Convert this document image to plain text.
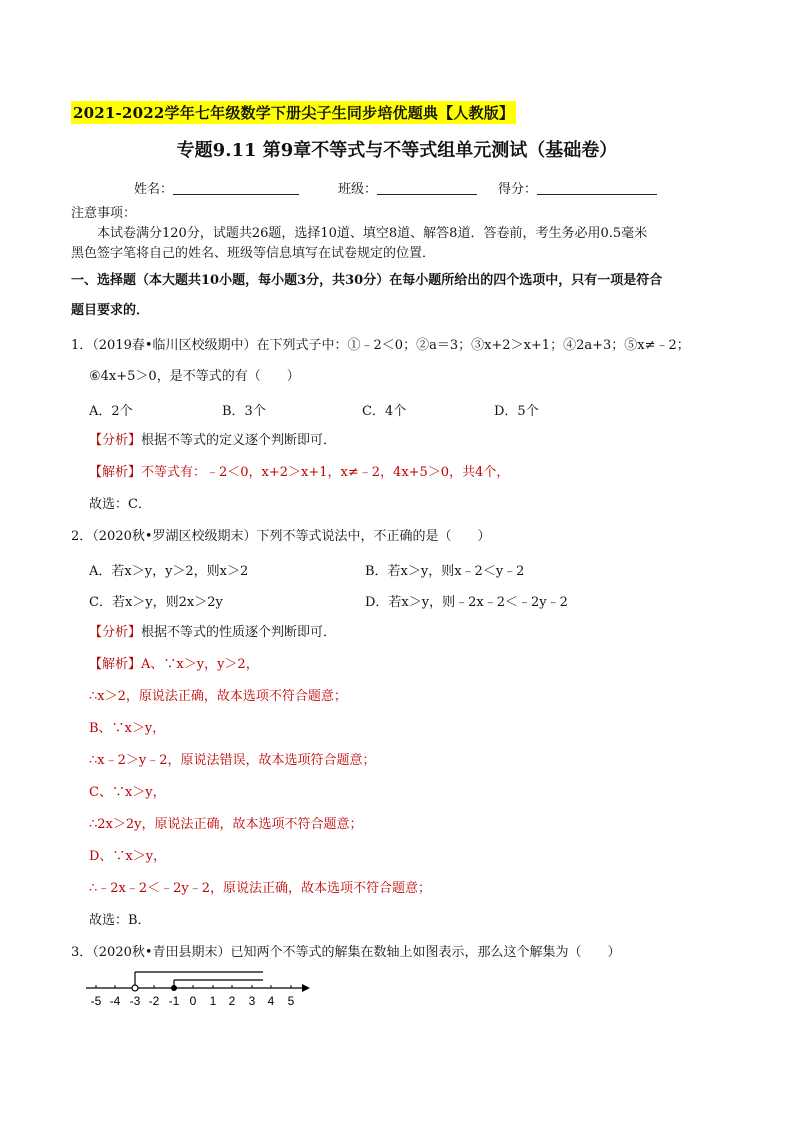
2021-2022学年七年级数学下册尖子生同步培优题典【人教版】
专题9.11 第9章不等式与不等式组单元测试（基础卷）
姓名：	班级：	得分：
注意事项：
本试卷满分120分，试题共26题，选择10道、填空8道、解答8道．答卷前，考生务必用0.5毫米
黑色签字笔将自己的姓名、班级等信息填写在试卷规定的位置．
一、选择题（本大题共10小题，每小题3分，共30分）在每小题所给出的四个选项中，只有一项是符合
题目要求的．
1．（2019春•临川区校级期中）在下列式子中：①﹣2＜0；②a＝3；③x+2＞x+1；④2a+3；⑤x≠﹣2；
⑥4x+5＞0，是不等式的有（　　）
A．2个	B．3个	C．4个	D．5个
【分析】根据不等式的定义逐个判断即可．
【解析】不等式有：﹣2＜0，x+2＞x+1，x≠﹣2，4x+5＞0，共4个，
故选：C．
2．（2020秋•罗湖区校级期末）下列不等式说法中，不正确的是（　　）
A．若x＞y，y＞2，则x＞2	B．若x＞y，则x﹣2＜y﹣2
C．若x＞y，则2x＞2y	D．若x＞y，则﹣2x﹣2＜﹣2y﹣2
【分析】根据不等式的性质逐个判断即可．
【解析】A、∵x＞y，y＞2，
∴x＞2，原说法正确，故本选项不符合题意；
B、∵x＞y，
∴x﹣2＞y﹣2，原说法错误，故本选项符合题意；
C、∵x＞y，
∴2x＞2y，原说法正确，故本选项不符合题意；
D、∵x＞y，
∴﹣2x﹣2＜﹣2y﹣2，原说法正确，故本选项不符合题意；
故选：B．
3．（2020秋•青田县期末）已知两个不等式的解集在数轴上如图表示，那么这个解集为（　　）
-5 -4 -3 -2 -1 0 1 2 3 4 5
